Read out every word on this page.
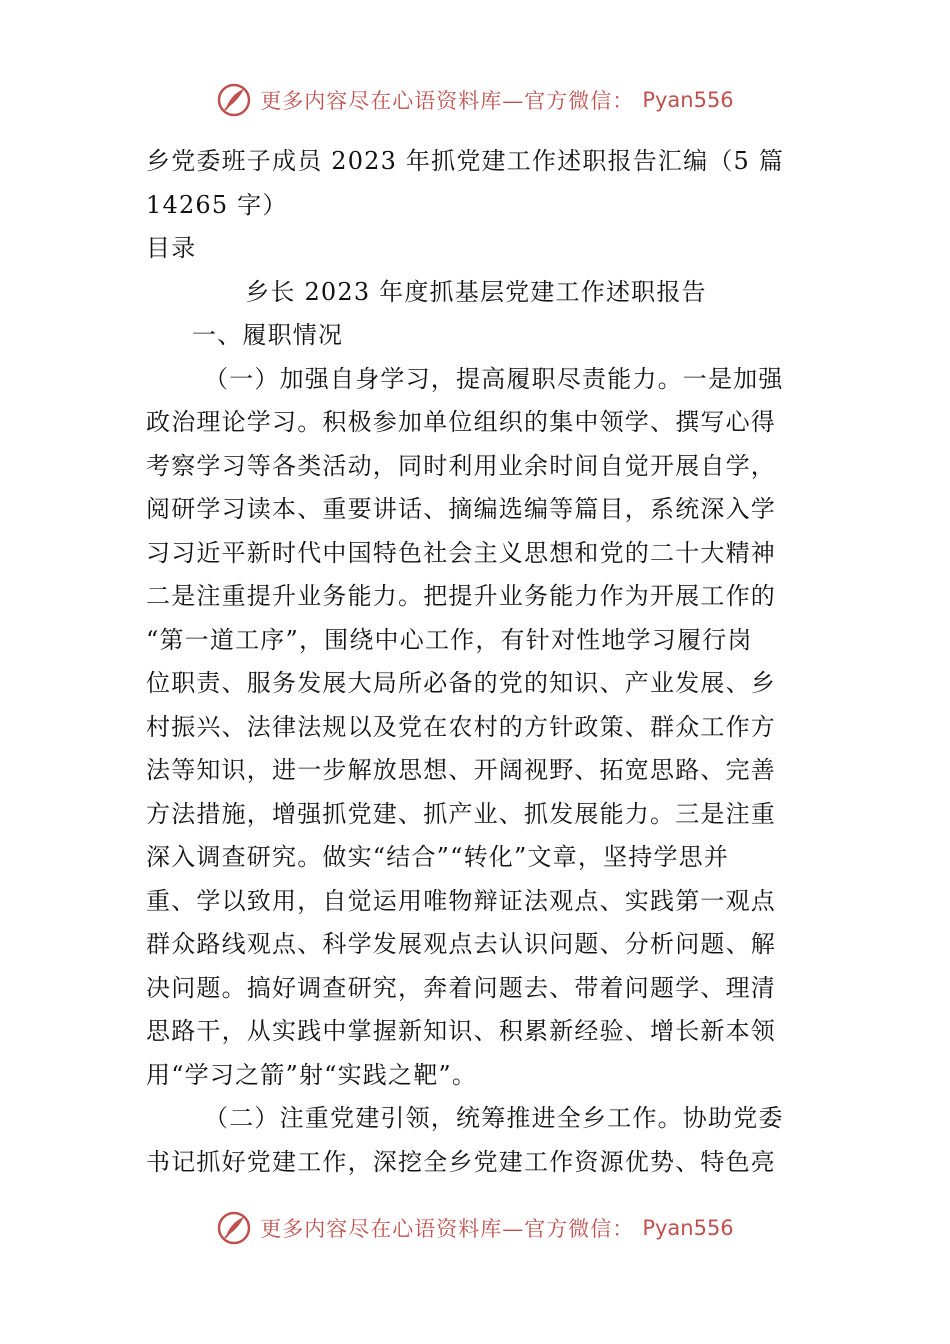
更多内容尽在心语资料库—官方微信： Pyan556
乡党委班子成员 2023 年抓党建工作述职报告汇编（5 篇
14265 字）
目录
乡长 2023 年度抓基层党建工作述职报告
一、履职情况
（一）加强自身学习，提高履职尽责能力。一是加强
政治理论学习。积极参加单位组织的集中领学、撰写心得
考察学习等各类活动，同时利用业余时间自觉开展自学，
阅研学习读本、重要讲话、摘编选编等篇目，系统深入学
习习近平新时代中国特色社会主义思想和党的二十大精神
二是注重提升业务能力。把提升业务能力作为开展工作的
“第一道工序”，围绕中心工作，有针对性地学习履行岗
位职责、服务发展大局所必备的党的知识、产业发展、乡
村振兴、法律法规以及党在农村的方针政策、群众工作方
法等知识，进一步解放思想、开阔视野、拓宽思路、完善
方法措施，增强抓党建、抓产业、抓发展能力。三是注重
深入调查研究。做实“结合”“转化”文章，坚持学思并
重、学以致用，自觉运用唯物辩证法观点、实践第一观点
群众路线观点、科学发展观点去认识问题、分析问题、解
决问题。搞好调查研究，奔着问题去、带着问题学、理清
思路干，从实践中掌握新知识、积累新经验、增长新本领
用“学习之箭”射“实践之靶”。
（二）注重党建引领，统筹推进全乡工作。协助党委
书记抓好党建工作，深挖全乡党建工作资源优势、特色亮
更多内容尽在心语资料库—官方微信： Pyan556
